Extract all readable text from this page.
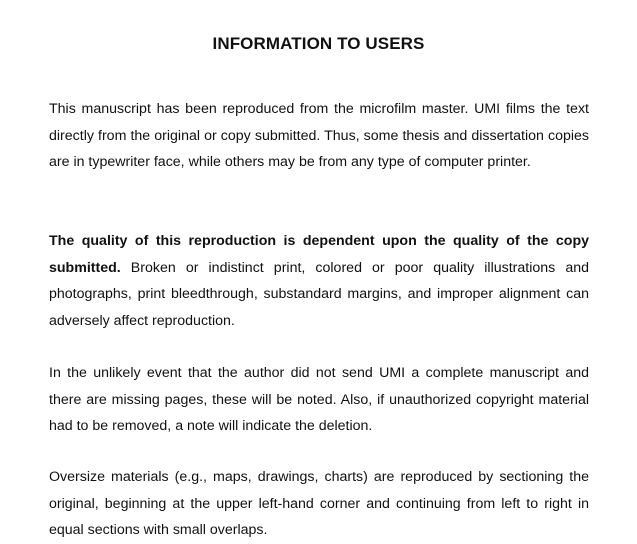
INFORMATION TO USERS

This manuscript has been reproduced from the microfilm master. UMI films the text directly from the original or copy submitted. Thus, some thesis and dissertation copies are in typewriter face, while others may be from any type of computer printer.

The quality of this reproduction is dependent upon the quality of the copy submitted. Broken or indistinct print, colored or poor quality illustrations and photographs, print bleedthrough, substandard margins, and improper alignment can adversely affect reproduction.

In the unlikely event that the author did not send UMI a complete manuscript and there are missing pages, these will be noted. Also, if unauthorized copyright material had to be removed, a note will indicate the deletion.

Oversize materials (e.g., maps, drawings, charts) are reproduced by sectioning the original, beginning at the upper left-hand corner and continuing from left to right in equal sections with small overlaps.
